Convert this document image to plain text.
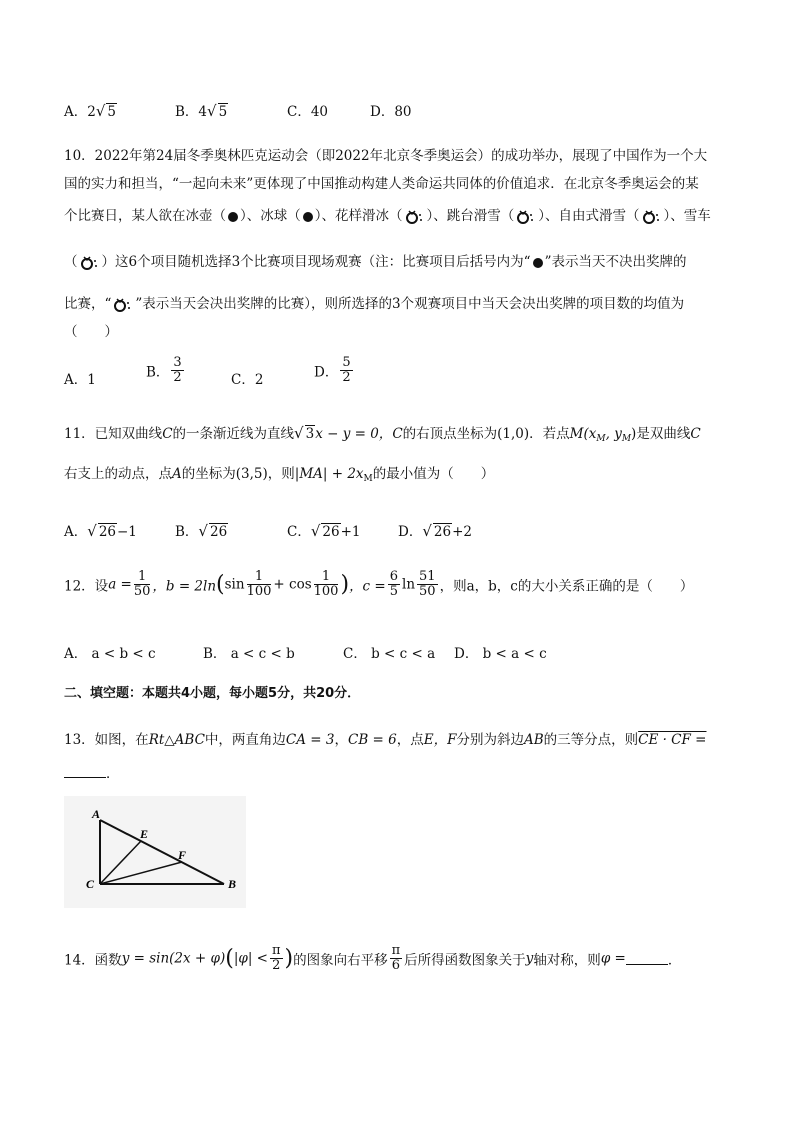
A．2√ 5	B．4√ 5	C．40	D．80
10．2022年第24届冬季奥林匹克运动会（即2022年北京冬季奥运会）的成功举办，展现了中国作为一个大
国的实力和担当，“一起向未来”更体现了中国推动构建人类命运共同体的价值追求．在北京冬季奥运会的某
个比赛日，某人欲在冰壶（ ）、冰球（ ）、花样滑冰（ ）、跳台滑雪（ ）、自由式滑雪（ ）、雪车
（ ）这6个项目随机选择3个比赛项目现场观赛（注：比赛项目后括号内为“ ”表示当天不决出奖牌的
比赛，“ ”表示当天会决出奖牌的比赛），则所选择的3个观赛项目中当天会决出奖牌的项目数的均值为
（　　）
A．1	B． $\frac{3}{2}$	C．2	D． $\frac{5}{2}$
11．已知双曲线C的一条渐近线为直线√ 3x − y = 0，C的右顶点坐标为(1,0)．若点$M(x_M$, $y_M$)是双曲线C
右支上的动点，点A的坐标为(3,5)，则$|MA| + 2x_M$的最小值为（　　）
A．√ 26−1	B．√ 26	C．√ 26+1	D．√ 26+2
12．设$a = \frac{1}{50}$ ，$b = 2\ln(\sin \frac{1}{100} + \cos \frac{1}{100}$ )，$c = \frac{6}{5}$ $\ln \frac{51}{50}$ ，则a，b，c的大小关系正确的是（　　）
A． a < b < c	B． a < c < b	C． b < c < a D． b < a < c
二、填空题：本题共4小题，每小题5分，共20分．
13．如图，在Rt△ABC中，两直角边CA = 3，CB = 6，点E，F分别为斜边AB的三等分点，则CE · CF =
．
A
E
F
C	B
14．函数$y = \sin(2x + \varphi)(|\varphi| < \frac{\pi}{2}$ )的图象向右平移 $\frac{\pi}{6}$ 后所得函数图象关于y轴对称，则φ =	．
